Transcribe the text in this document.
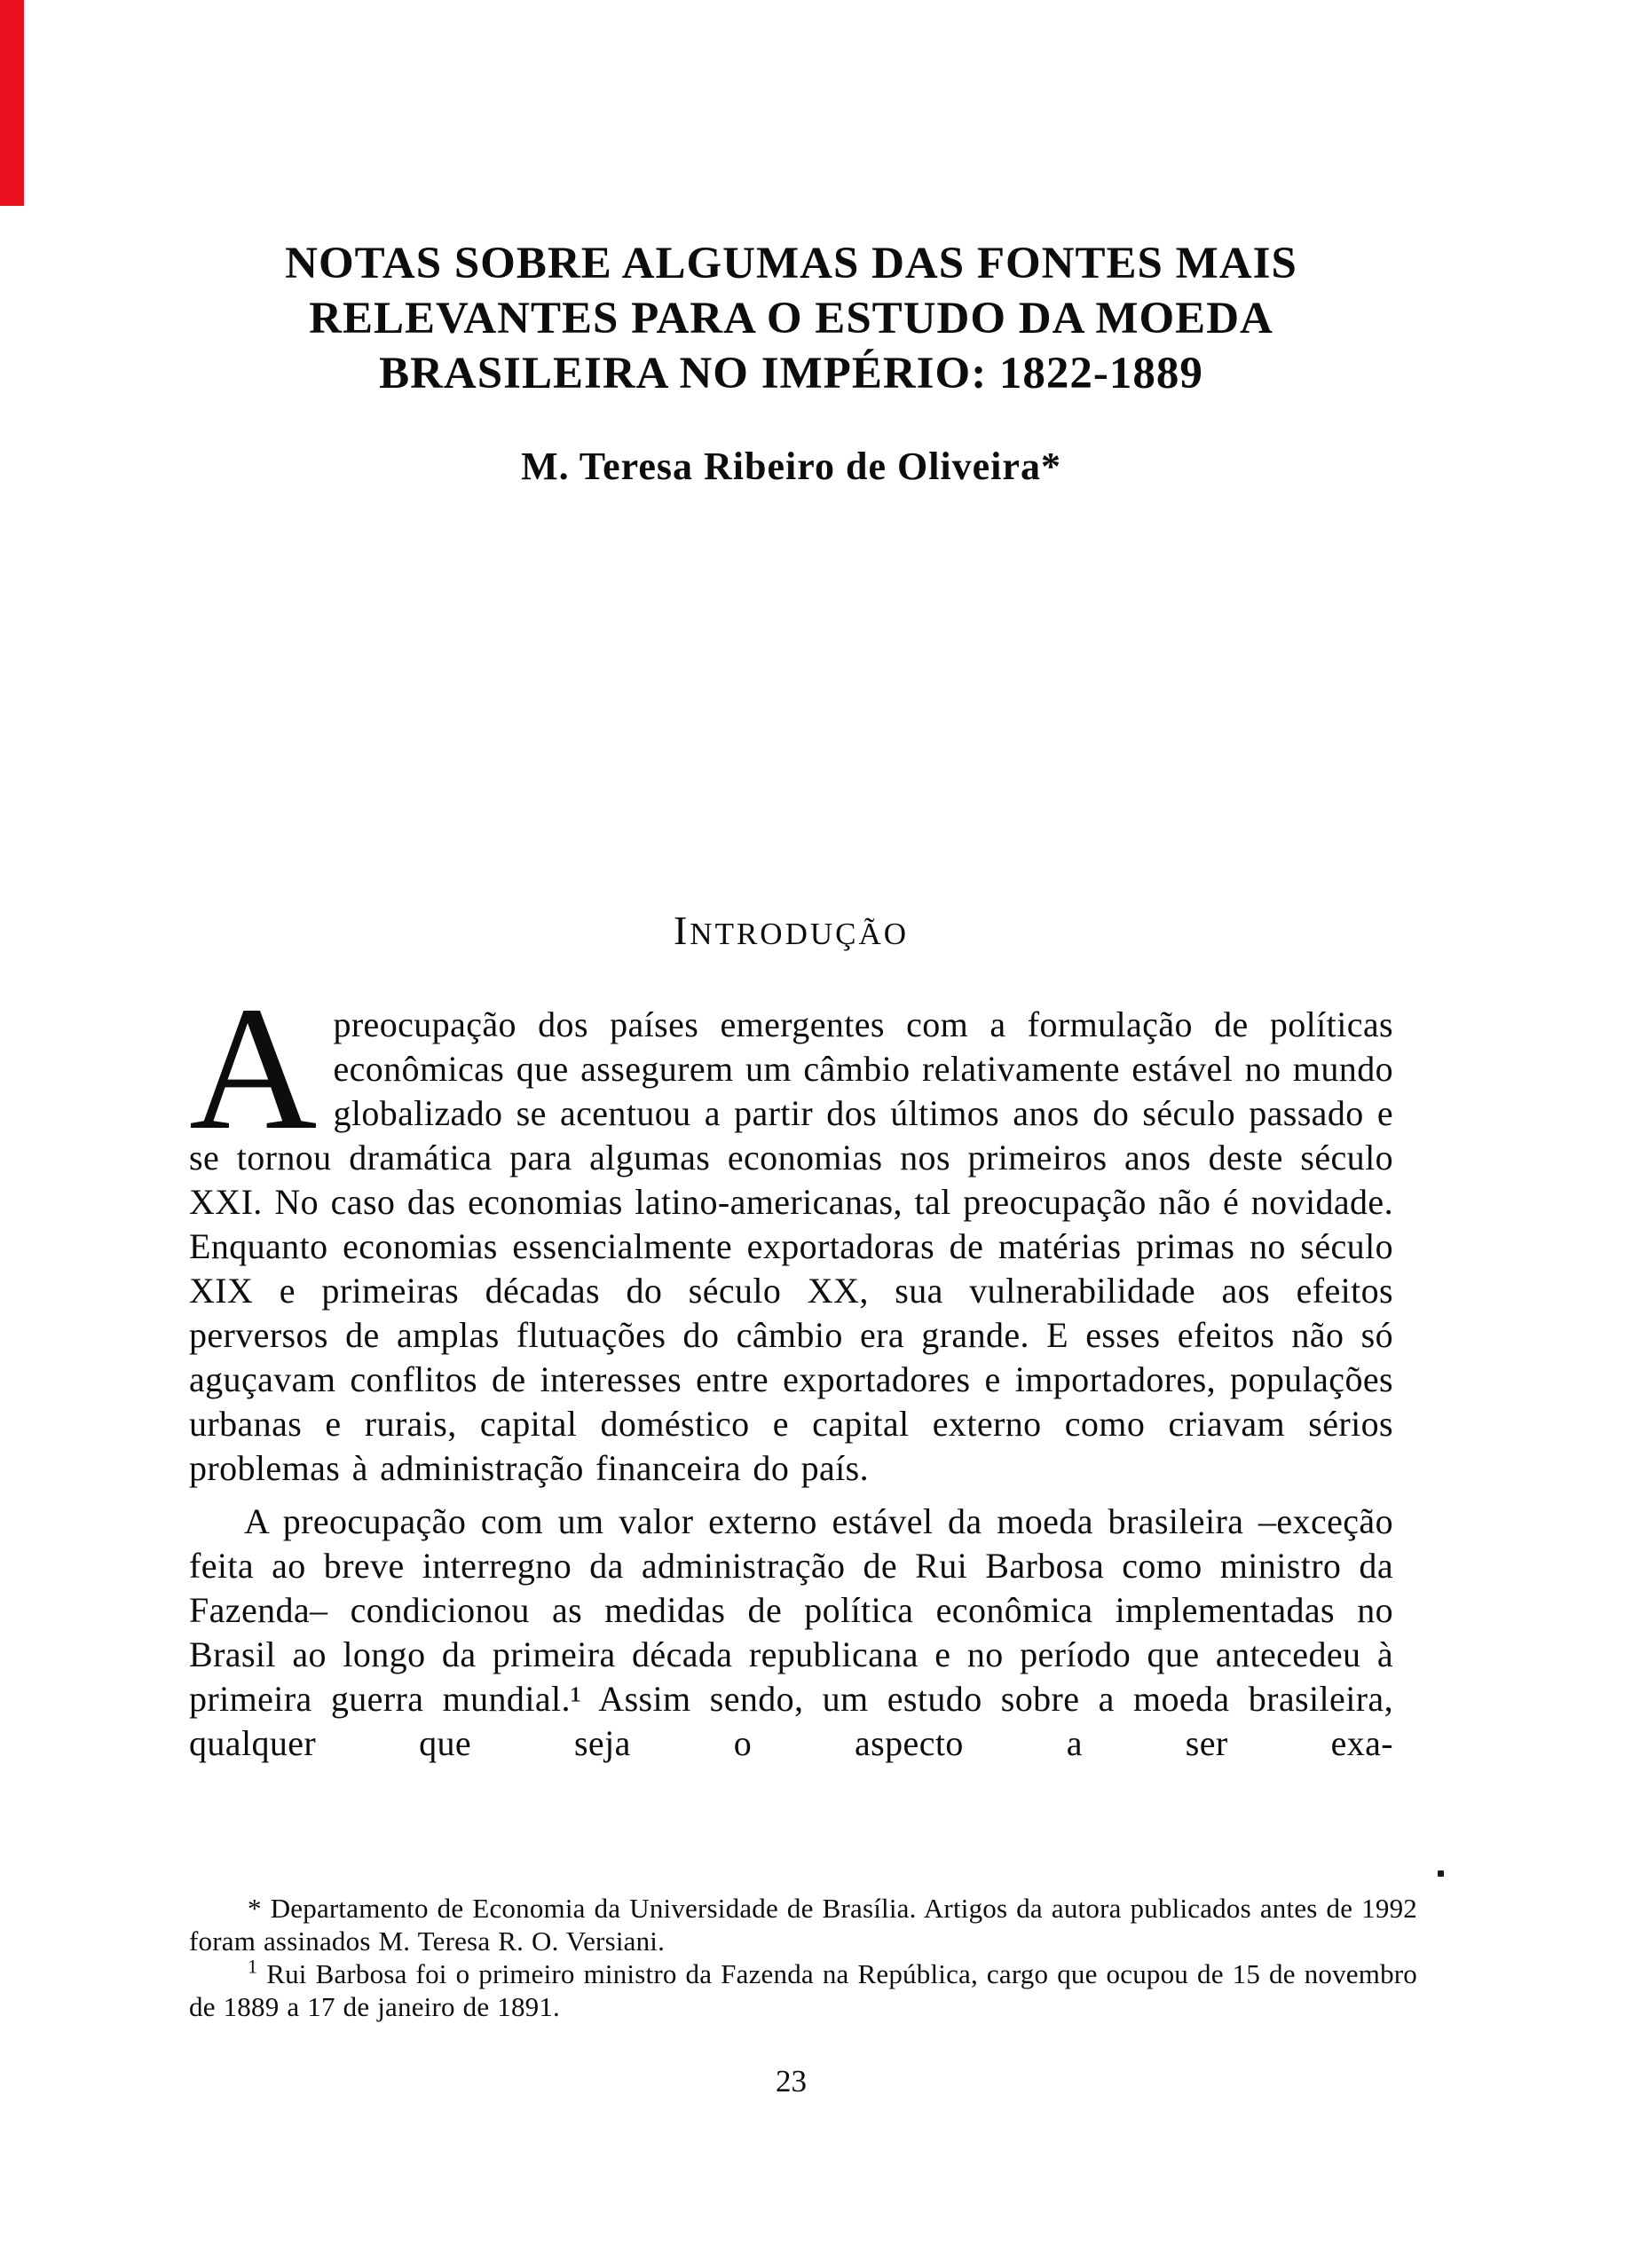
NOTAS SOBRE ALGUMAS DAS FONTES MAIS
RELEVANTES PARA O ESTUDO DA MOEDA
BRASILEIRA NO IMPÉRIO: 1822-1889
M. Teresa Ribeiro de Oliveira*
INTRODUÇÃO

Apreocupação dos países emergentes com a formulação de políticas econômicas que assegurem um câmbio relativamente estável no mundo globalizado se acentuou a partir dos últimos anos do século passado e se tornou dramática para algumas economias nos primeiros anos deste século XXI. No caso das economias latino-americanas, tal preocupação não é novidade. Enquanto economias essencialmente exportadoras de matérias primas no século XIX e primeiras décadas do século XX, sua vulnerabilidade aos efeitos perversos de amplas flutuações do câmbio era grande. E esses efeitos não só aguçavam conflitos de interesses entre exportadores e importadores, populações urbanas e rurais, capital doméstico e capital externo como criavam sérios problemas à administração financeira do país.

A preocupação com um valor externo estável da moeda brasileira –exceção feita ao breve interregno da administração de Rui Barbosa como ministro da Fazenda– condicionou as medidas de política econômica implementadas no Brasil ao longo da primeira década republicana e no período que antecedeu à primeira guerra mundial.¹ Assim sendo, um estudo sobre a moeda brasileira, qualquer que seja o aspecto a ser exa-

* Departamento de Economia da Universidade de Brasília. Artigos da autora publicados antes de 1992 foram assinados M. Teresa R. O. Versiani.

$^1$ Rui Barbosa foi o primeiro ministro da Fazenda na República, cargo que ocupou de 15 de novembro de 1889 a 17 de janeiro de 1891.

23
